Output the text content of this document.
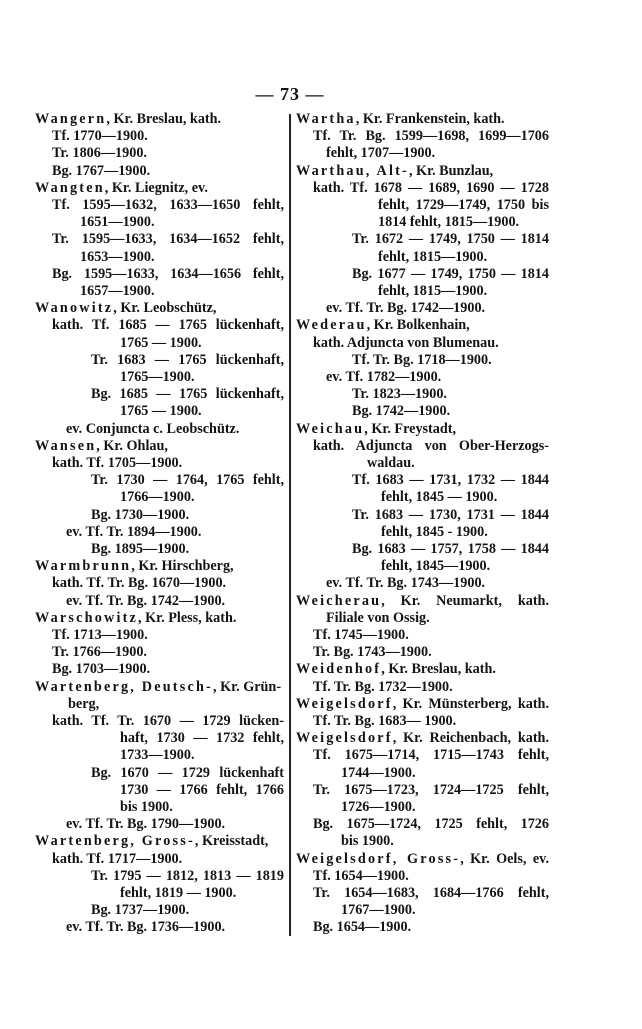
— 73 —
Wangern, Kr. Breslau, kath.
Tf. 1770—1900.
Tr. 1806—1900.
Bg. 1767—1900.
Wangten, Kr. Liegnitz, ev.
Tf. 1595—1632, 1633—1650 fehlt,
1651—1900.
Tr. 1595—1633, 1634—1652 fehlt,
1653—1900.
Bg. 1595—1633, 1634—1656 fehlt,
1657—1900.
Wanowitz, Kr. Leobschütz,
kath. Tf. 1685 — 1765 lückenhaft,
1765 — 1900.
Tr. 1683 — 1765 lückenhaft,
1765—1900.
Bg. 1685 — 1765 lückenhaft,
1765 — 1900.
ev. Conjuncta c. Leobschütz.
Wansen, Kr. Ohlau,
kath. Tf. 1705—1900.
Tr. 1730 — 1764, 1765 fehlt,
1766—1900.
Bg. 1730—1900.
ev. Tf. Tr. 1894—1900.
Bg. 1895—1900.
Warmbrunn, Kr. Hirschberg,
kath. Tf. Tr. Bg. 1670—1900.
ev. Tf. Tr. Bg. 1742—1900.
Warschowitz, Kr. Pless, kath.
Tf. 1713—1900.
Tr. 1766—1900.
Bg. 1703—1900.
Wartenberg, Deutsch-, Kr. Grün-
berg,
kath. Tf. Tr. 1670 — 1729 lücken-
haft, 1730 — 1732 fehlt,
1733—1900.
Bg. 1670 — 1729 lückenhaft
1730 — 1766 fehlt, 1766
bis 1900.
ev. Tf. Tr. Bg. 1790—1900.
Wartenberg, Gross-, Kreisstadt,
kath. Tf. 1717—1900.
Tr. 1795 — 1812, 1813 — 1819
fehlt, 1819 — 1900.
Bg. 1737—1900.
ev. Tf. Tr. Bg. 1736—1900.
Wartha, Kr. Frankenstein, kath.
Tf. Tr. Bg. 1599—1698, 1699—1706
fehlt, 1707—1900.
Warthau, Alt-, Kr. Bunzlau,
kath. Tf. 1678 — 1689, 1690 — 1728
fehlt, 1729—1749, 1750 bis
1814 fehlt, 1815—1900.
Tr. 1672 — 1749, 1750 — 1814
fehlt, 1815—1900.
Bg. 1677 — 1749, 1750 — 1814
fehlt, 1815—1900.
ev. Tf. Tr. Bg. 1742—1900.
Wederau, Kr. Bolkenhain,
kath. Adjuncta von Blumenau.
Tf. Tr. Bg. 1718—1900.
ev. Tf. 1782—1900.
Tr. 1823—1900.
Bg. 1742—1900.
Weichau, Kr. Freystadt,
kath. Adjuncta von Ober-Herzogs-
waldau.
Tf. 1683 — 1731, 1732 — 1844
fehlt, 1845 — 1900.
Tr. 1683 — 1730, 1731 — 1844
fehlt, 1845 - 1900.
Bg. 1683 — 1757, 1758 — 1844
fehlt, 1845—1900.
ev. Tf. Tr. Bg. 1743—1900.
Weicherau, Kr. Neumarkt, kath.
Filiale von Ossig.
Tf. 1745—1900.
Tr. Bg. 1743—1900.
Weidenhof, Kr. Breslau, kath.
Tf. Tr. Bg. 1732—1900.
Weigelsdorf, Kr. Münsterberg, kath.
Tf. Tr. Bg. 1683— 1900.
Weigelsdorf, Kr. Reichenbach, kath.
Tf. 1675—1714, 1715—1743 fehlt,
1744—1900.
Tr. 1675—1723, 1724—1725 fehlt,
1726—1900.
Bg. 1675—1724, 1725 fehlt, 1726
bis 1900.
Weigelsdorf, Gross-, Kr. Oels, ev.
Tf. 1654—1900.
Tr. 1654—1683, 1684—1766 fehlt,
1767—1900.
Bg. 1654—1900.
